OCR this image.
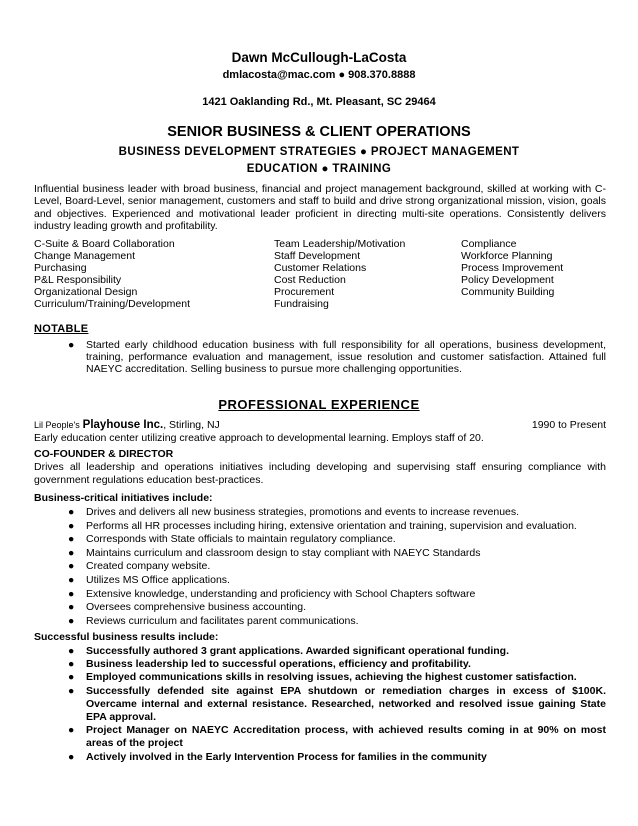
Dawn McCullough-LaCosta
dmlacosta@mac.com ● 908.370.8888
1421 Oaklanding Rd., Mt. Pleasant, SC 29464
SENIOR BUSINESS & CLIENT OPERATIONS
BUSINESS DEVELOPMENT STRATEGIES ● PROJECT MANAGEMENT
EDUCATION ● TRAINING
Influential business leader with broad business, financial and project management background, skilled at working with C-Level, Board-Level, senior management, customers and staff to build and drive strong organizational mission, vision, goals and objectives. Experienced and motivational leader proficient in directing multi-site operations. Consistently delivers industry leading growth and profitability.
C-Suite & Board Collaboration
Change Management
Purchasing
P&L Responsibility
Organizational Design
Curriculum/Training/Development
Team Leadership/Motivation
Staff Development
Customer Relations
Cost Reduction
Procurement
Fundraising
Compliance
Workforce Planning
Process Improvement
Policy Development
Community Building
NOTABLE
● Started early childhood education business with full responsibility for all operations, business development, training, performance evaluation and management, issue resolution and customer satisfaction. Attained full NAEYC accreditation. Selling business to pursue more challenging opportunities.
PROFESSIONAL EXPERIENCE
Lil People's Playhouse Inc., Stirling, NJ	1990 to Present
Early education center utilizing creative approach to developmental learning. Employs staff of 20.
CO-FOUNDER & DIRECTOR
Drives all leadership and operations initiatives including developing and supervising staff ensuring compliance with government regulations education best-practices.
Business-critical initiatives include:
● Drives and delivers all new business strategies, promotions and events to increase revenues.
● Performs all HR processes including hiring, extensive orientation and training, supervision and evaluation.
● Corresponds with State officials to maintain regulatory compliance.
● Maintains curriculum and classroom design to stay compliant with NAEYC Standards
● Created company website.
● Utilizes MS Office applications.
● Extensive knowledge, understanding and proficiency with School Chapters software
● Oversees comprehensive business accounting.
● Reviews curriculum and facilitates parent communications.
Successful business results include:
● Successfully authored 3 grant applications. Awarded significant operational funding.
● Business leadership led to successful operations, efficiency and profitability.
● Employed communications skills in resolving issues, achieving the highest customer satisfaction.
● Successfully defended site against EPA shutdown or remediation charges in excess of $100K. Overcame internal and external resistance. Researched, networked and resolved issue gaining State EPA approval.
● Project Manager on NAEYC Accreditation process, with achieved results coming in at 90% on most areas of the project
● Actively involved in the Early Intervention Process for families in the community
